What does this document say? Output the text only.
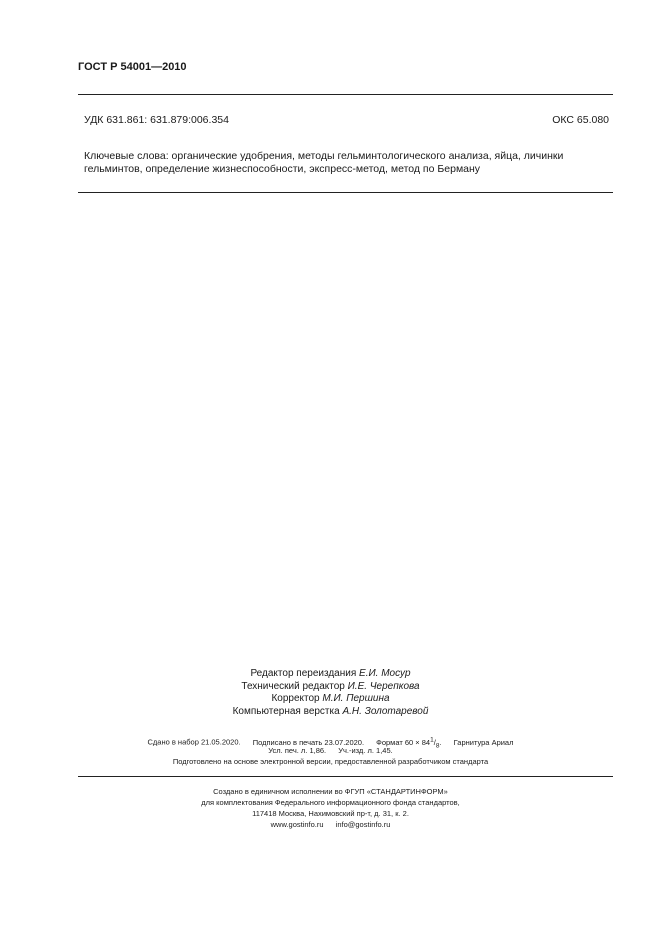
ГОСТ Р 54001—2010
УДК 631.861: 631.879:006.354	ОКС 65.080
Ключевые слова: органические удобрения, методы гельминтологического анализа, яйца, личинки
гельминтов, определение жизнеспособности, экспресс-метод, метод по Берману
Редактор переиздания Е.И. Мосур
Технический редактор И.Е. Черепкова
Корректор М.И. Першина
Компьютерная верстка А.Н. Золотаревой
Сдано в набор 21.05.2020. Подписано в печать 23.07.2020. Формат $60 \times 84^1/_8$. Гарнитура Ариал
Усл. печ. л. 1,86. Уч.-изд. л. 1,45.
Подготовлено на основе электронной версии, предоставленной разработчиком стандарта
Создано в единичном исполнении во ФГУП «СТАНДАРТИНФОРМ»
для комплектования Федерального информационного фонда стандартов,
117418 Москва, Нахимовский пр-т, д. 31, к. 2.
www.gostinfo.ru info@gostinfo.ru
